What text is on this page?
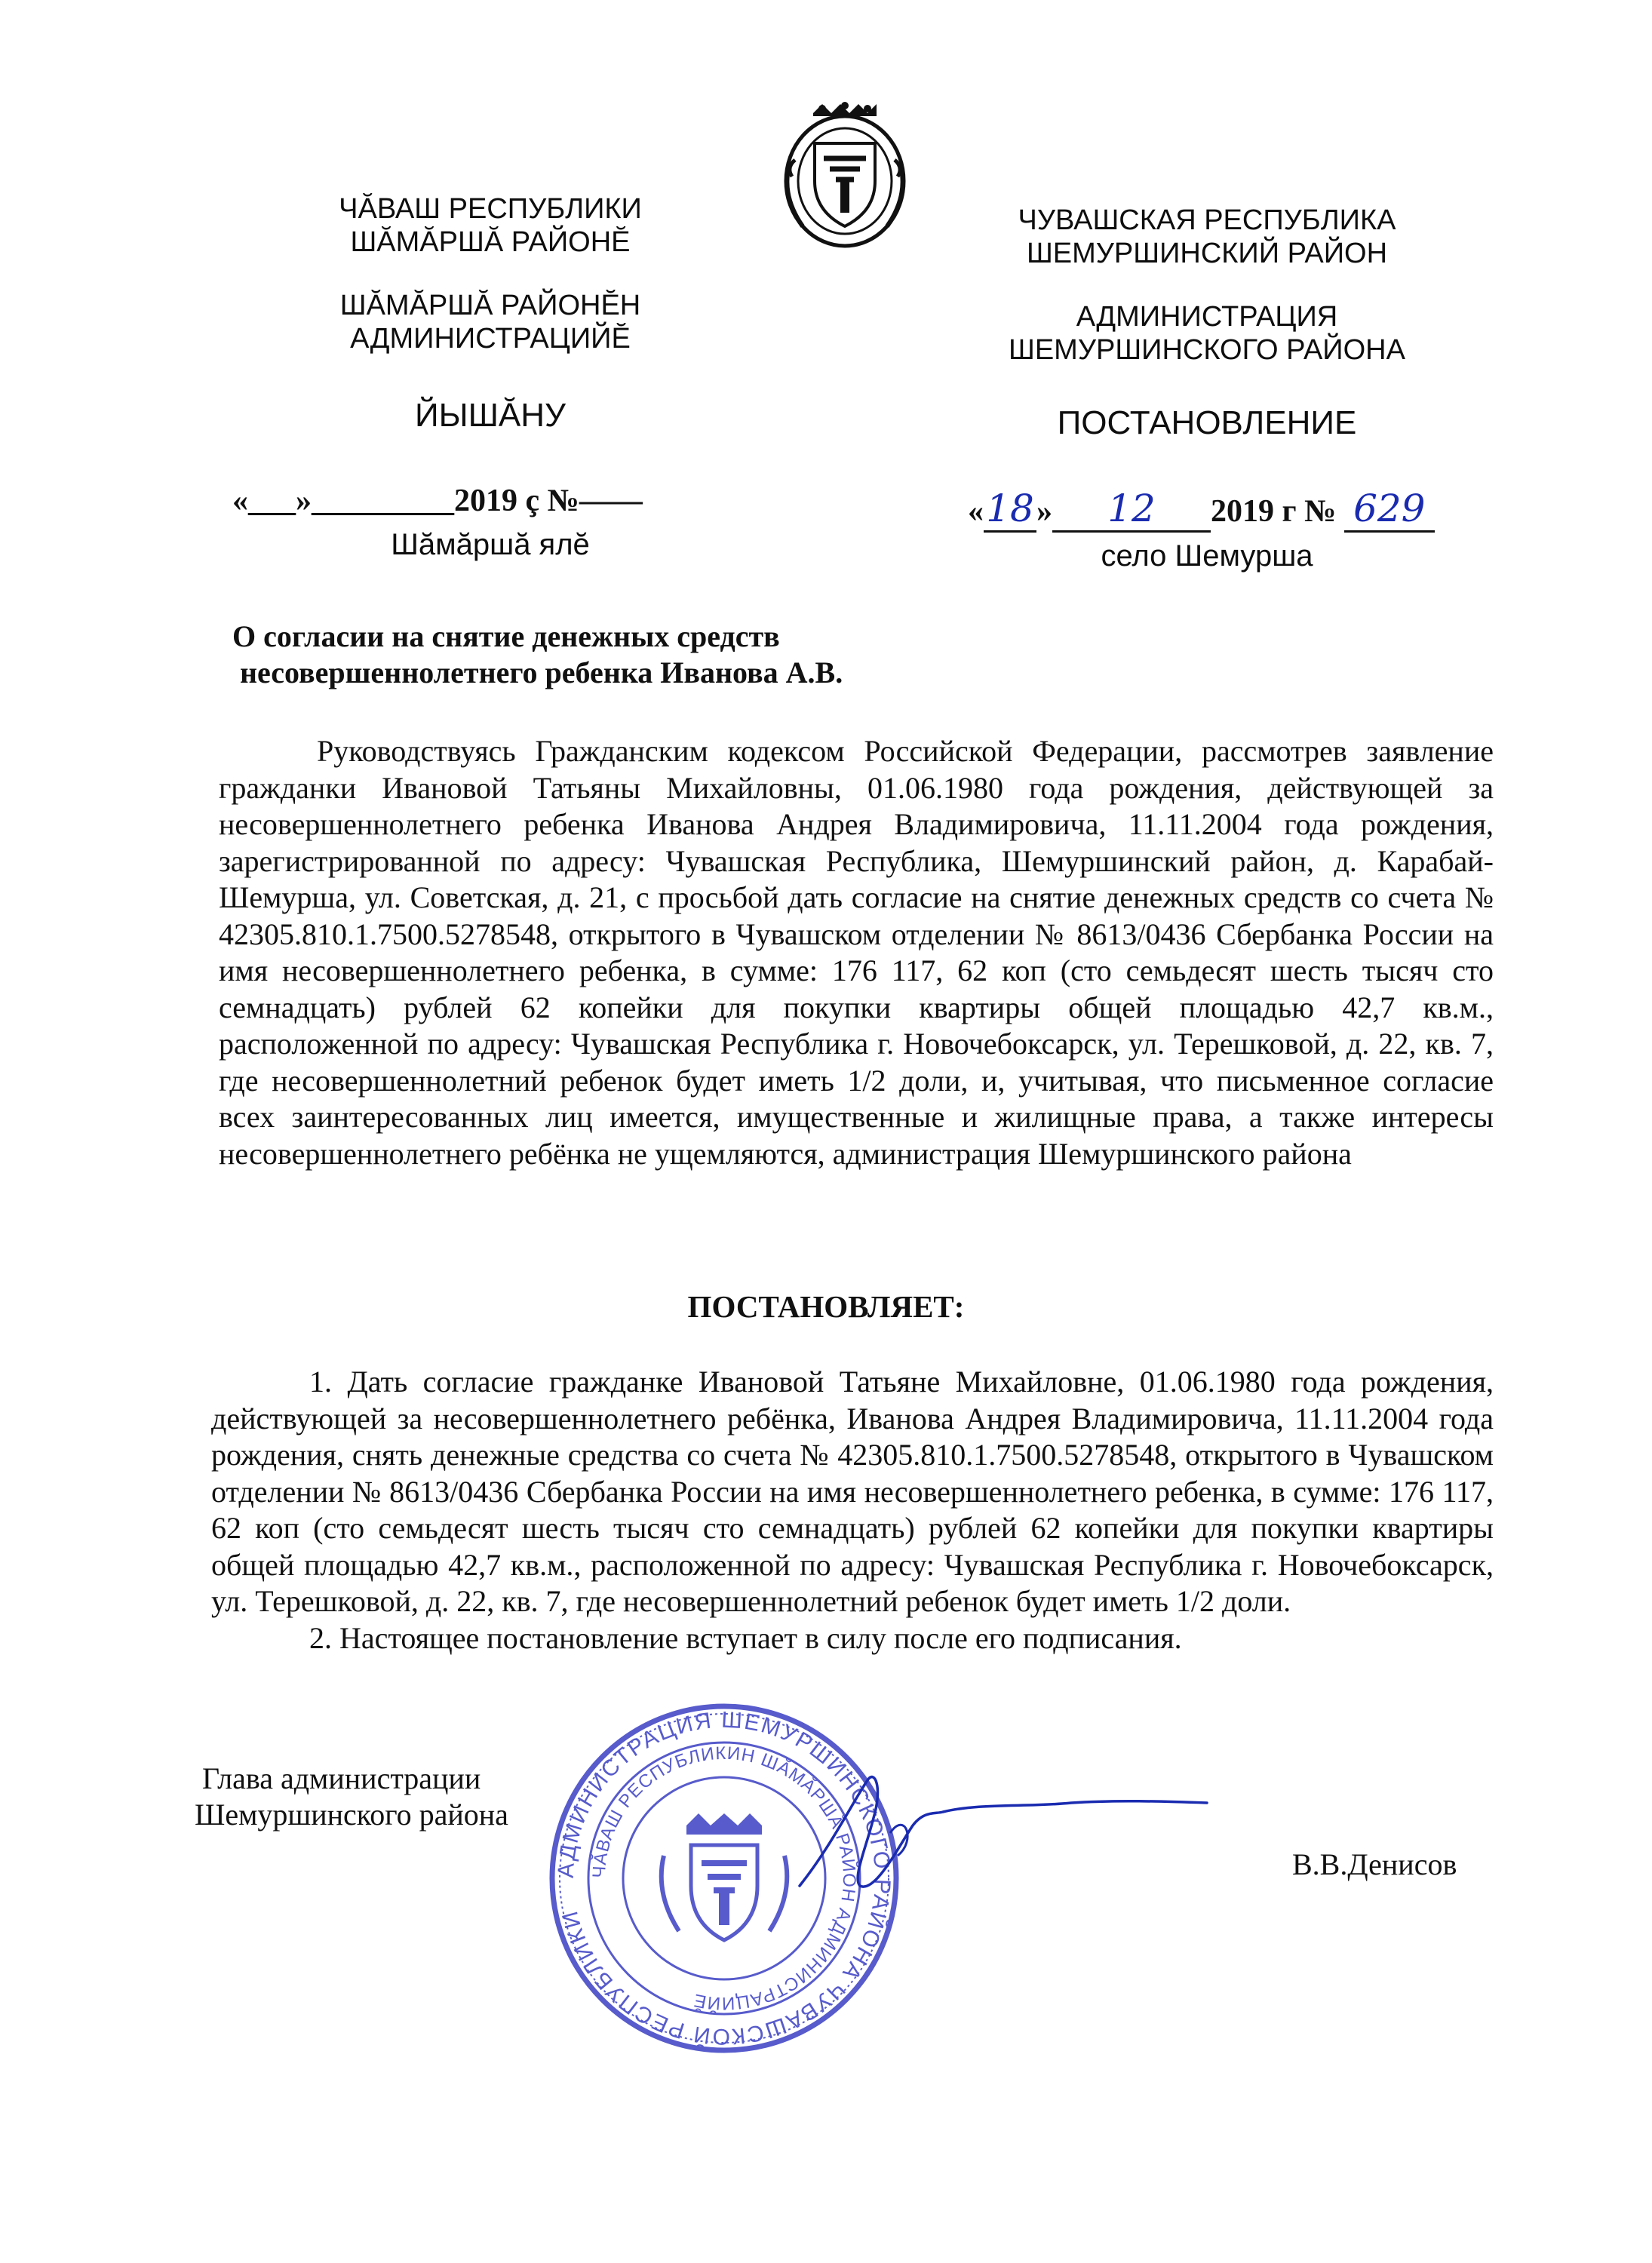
ЧӐВАШ РЕСПУБЛИКИ
ШӐМӐРШӐ РАЙОНĔ
ШӐМӐРШӐ РАЙОНĔН
АДМИНИСТРАЦИЙĔ
ЙЫШӐНУ
«___»_________2019 ç №——
Шӑмӑршӑ ялӗ
ЧУВАШСКАЯ РЕСПУБЛИКА
ШЕМУРШИНСКИЙ РАЙОН
АДМИНИСТРАЦИЯ
ШЕМУРШИНСКОГО РАЙОНА
ПОСТАНОВЛЕНИЕ
«18» 12 2019 г № 629
село Шемурша
О согласии на снятие денежных средств
несовершеннолетнего ребенка Иванова А.В.

Руководствуясь Гражданским кодексом Российской Федерации, рассмотрев заявление гражданки Ивановой Татьяны Михайловны, 01.06.1980 года рождения, действующей за несовершеннолетнего ребенка Иванова Андрея Владимировича, 11.11.2004 года рождения, зарегистрированной по адресу: Чувашская Республика, Шемуршинский район, д. Карабай- Шемурша, ул. Советская, д. 21, с просьбой дать согласие на снятие денежных средств со счета № 42305.810.1.7500.5278548, открытого в Чувашском отделении № 8613/0436 Сбербанка России на имя несовершеннолетнего ребенка, в сумме: 176 117, 62 коп (сто семьдесят шесть тысяч сто семнадцать) рублей 62 копейки для покупки квартиры общей площадью 42,7 кв.м., расположенной по адресу: Чувашская Республика г. Новочебоксарск, ул. Терешковой, д. 22, кв. 7, где несовершеннолетний ребенок будет иметь 1/2 доли, и, учитывая, что письменное согласие всех заинтересованных лиц имеется, имущественные и жилищные права, а также интересы несовершеннолетнего ребёнка не ущемляются, администрация Шемуршинского района

ПОСТАНОВЛЯЕТ:

1. Дать согласие гражданке Ивановой Татьяне Михайловне, 01.06.1980 года рождения, действующей за несовершеннолетнего ребёнка, Иванова Андрея Владимировича, 11.11.2004 года рождения, снять денежные средства со счета № 42305.810.1.7500.5278548, открытого в Чувашском отделении № 8613/0436 Сбербанка России на имя несовершеннолетнего ребенка, в сумме: 176 117, 62 коп (сто семьдесят шесть тысяч сто семнадцать) рублей 62 копейки для покупки квартиры общей площадью 42,7 кв.м., расположенной по адресу: Чувашская Республика г. Новочебоксарск, ул. Терешковой, д. 22, кв. 7, где несовершеннолетний ребенок будет иметь 1/2 доли.

2. Настоящее постановление вступает в силу после его подписания.

АДМИНИСТРАЦИЯ ШЕМУРШИНСКОГО РАЙОНА ЧУВАШСКОЙ РЕСПУБЛИКИ
ЧӐВАШ РЕСПУБЛИКИН ШӐМӐРШӐ РАЙОН АДМИНИСТРАЦИЙĔ
Глава администрации
Шемуршинского района
В.В.Денисов
